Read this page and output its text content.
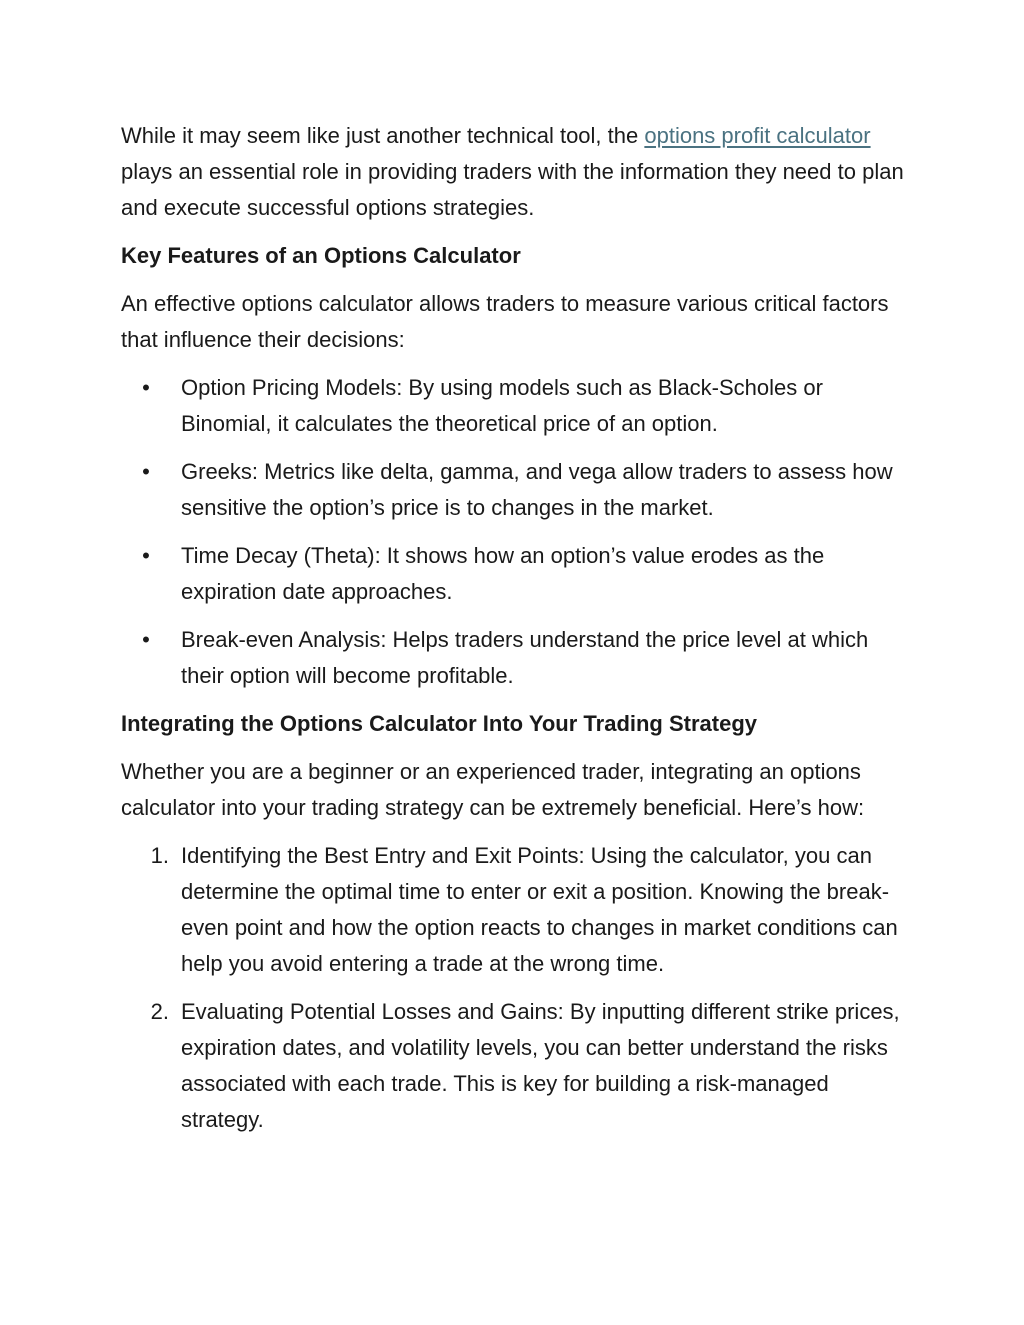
While it may seem like just another technical tool, the options profit calculator plays an essential role in providing traders with the information they need to plan and execute successful options strategies.

Key Features of an Options Calculator

An effective options calculator allows traders to measure various critical factors that influence their decisions:

•	Option Pricing Models: By using models such as Black-Scholes or Binomial, it calculates the theoretical price of an option.
•	Greeks: Metrics like delta, gamma, and vega allow traders to assess how sensitive the option’s price is to changes in the market.
•	Time Decay (Theta): It shows how an option’s value erodes as the expiration date approaches.
•	Break-even Analysis: Helps traders understand the price level at which their option will become profitable.
Integrating the Options Calculator Into Your Trading Strategy

Whether you are a beginner or an experienced trader, integrating an options calculator into your trading strategy can be extremely beneficial. Here’s how:

1. Identifying the Best Entry and Exit Points: Using the calculator, you can determine the optimal time to enter or exit a position. Knowing the break-even point and how the option reacts to changes in market conditions can help you avoid entering a trade at the wrong time.
2. Evaluating Potential Losses and Gains: By inputting different strike prices, expiration dates, and volatility levels, you can better understand the risks associated with each trade. This is key for building a risk-managed strategy.
